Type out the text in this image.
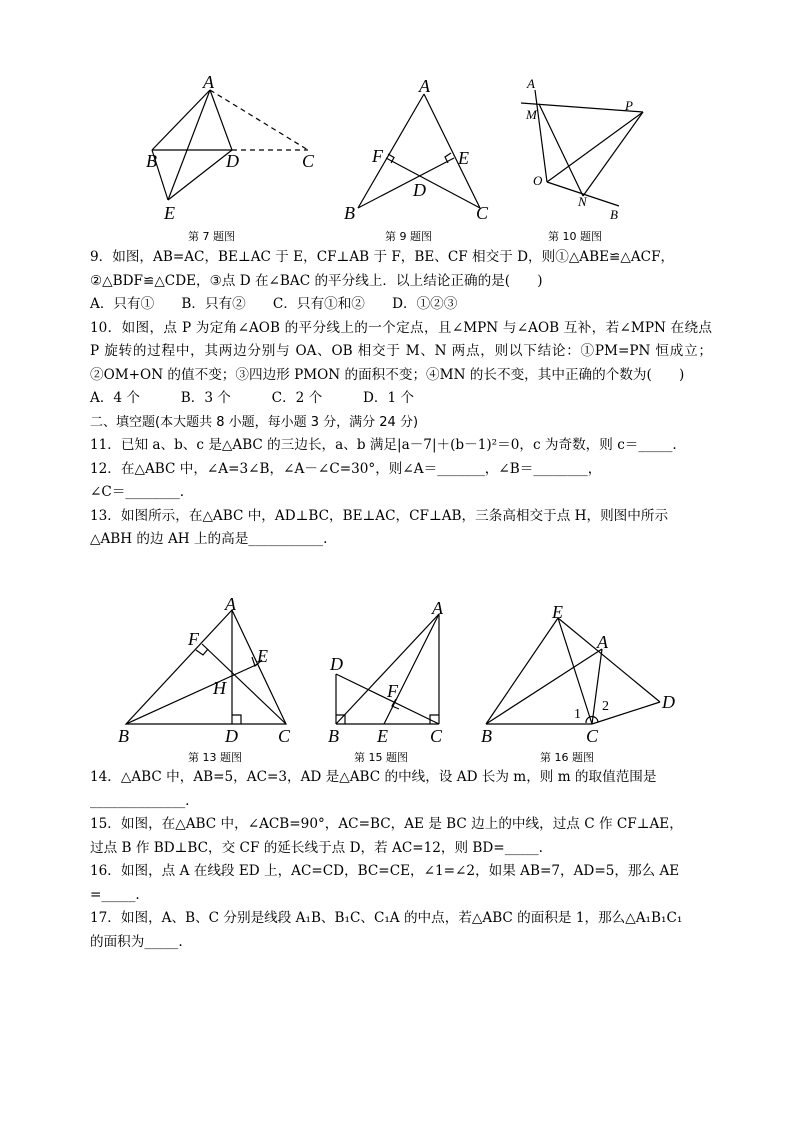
A
B	D	C
E
第 7 题图
A
F	E
D
B	C
第 9 题图
A
M
P
O
N
B
第 10 题图
9．如图，AB=AC，BE⊥AC 于 E，CF⊥AB 于 F，BE、CF 相交于 D，则①△ABE≌△ACF，
②△BDF≌△CDE，③点 D 在∠BAC 的平分线上．以上结论正确的是(　　)
A．只有①　　B．只有②　　C．只有①和②　　D．①②③
10．如图，点 P 为定角∠AOB 的平分线上的一个定点，且∠MPN 与∠AOB 互补，若∠MPN 在绕点 P 旋转的过程中，其两边分别与 OA、OB 相交于 M、N 两点，则以下结论：①PM=PN 恒成立；②OM+ON 的值不变；③四边形 PMON 的面积不变；④MN 的长不变，其中正确的个数为(　　)
A．4 个　　　B．3 个　　　C．2 个　　　D．1 个
二、填空题(本大题共 8 小题，每小题 3 分，满分 24 分)
11．已知 a、b、c 是△ABC 的三边长，a、b 满足|a－7|＋(b－1)²＝0，c 为奇数，则 c＝_____.
12．在△ABC 中，∠A=3∠B，∠A－∠C=30°，则∠A＝_______，∠B＝________，
∠C＝________.
13．如图所示，在△ABC 中，AD⊥BC，BE⊥AC，CF⊥AB，三条高相交于点 H，则图中所示
△ABH 的边 AH 上的高是___________.
A
F
E
H
B	D C
第 13 题图
A
D
F
B E C
第 15 题图
E
A
D
B	C
1
2
第 16 题图
14．△ABC 中，AB=5，AC=3，AD 是△ABC 的中线，设 AD 长为 m，则 m 的取值范围是
______________.
15．如图，在△ABC 中，∠ACB=90°，AC=BC，AE 是 BC 边上的中线，过点 C 作 CF⊥AE，
过点 B 作 BD⊥BC，交 CF 的延长线于点 D，若 AC=12，则 BD=_____.
16．如图，点 A 在线段 ED 上，AC=CD，BC=CE，∠1=∠2，如果 AB=7，AD=5，那么 AE
=_____.
17．如图，A、B、C 分别是线段 A₁B、B₁C、C₁A 的中点，若△ABC 的面积是 1，那么△A₁B₁C₁
的面积为_____.
